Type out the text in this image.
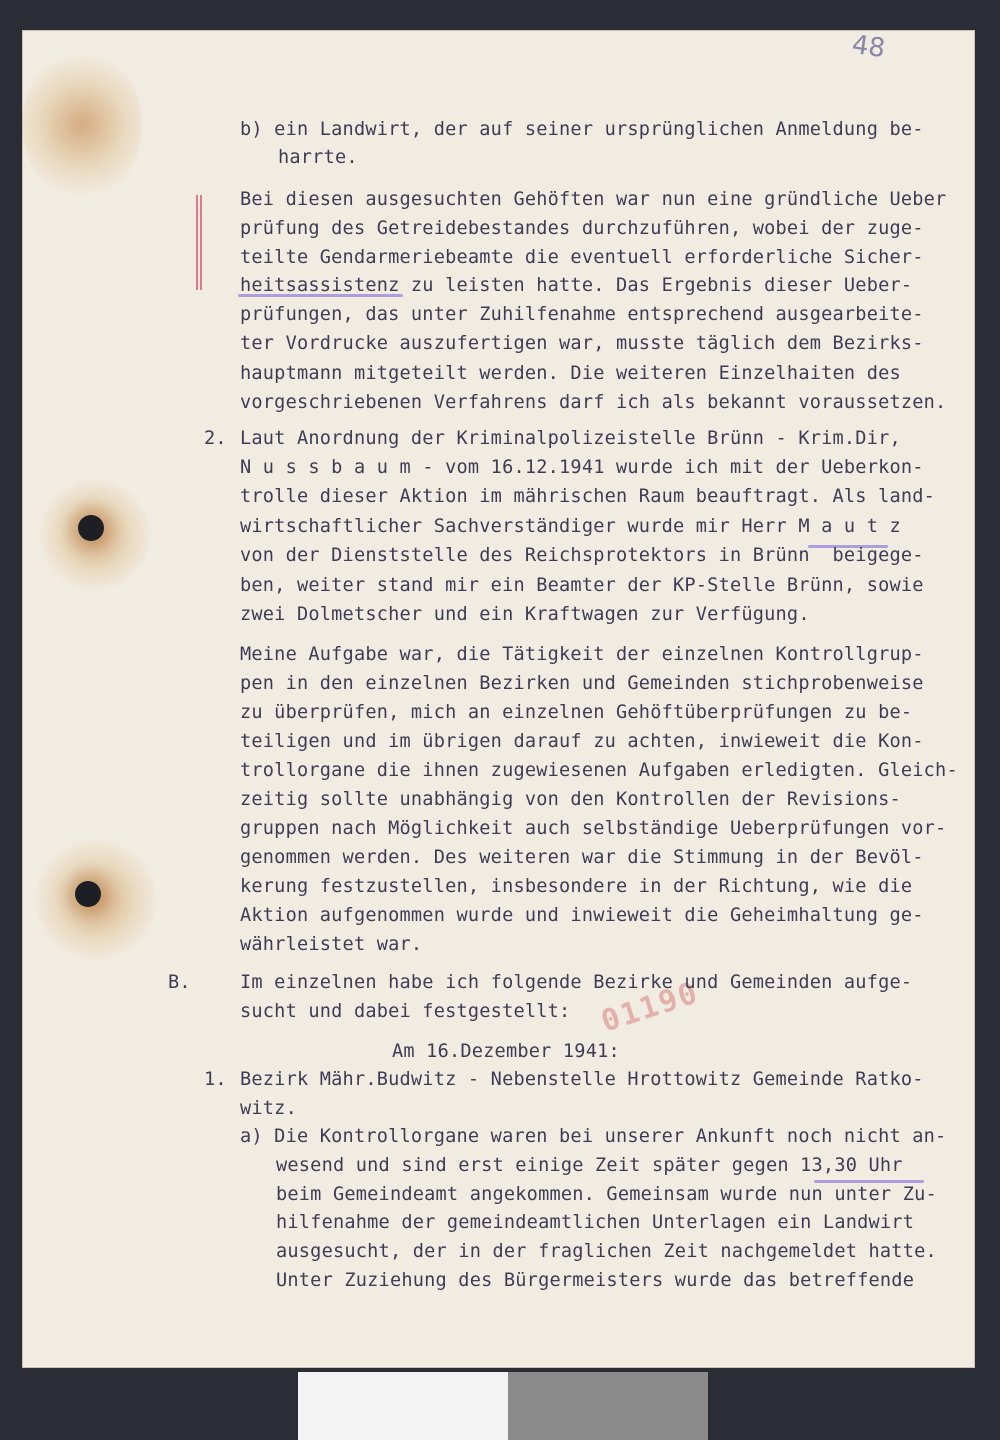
48
01190
b) ein Landwirt, der auf seiner ursprünglichen Anmeldung be-
harrte.
Bei diesen ausgesuchten Gehöften war nun eine gründliche Ueber
prüfung des Getreidebestandes durchzuführen, wobei der zuge-
teilte Gendarmeriebeamte die eventuell erforderliche Sicher-
heitsassistenz zu leisten hatte. Das Ergebnis dieser Ueber-
prüfungen, das unter Zuhilfenahme entsprechend ausgearbeite-
ter Vordrucke auszufertigen war, musste täglich dem Bezirks-
hauptmann mitgeteilt werden. Die weiteren Einzelhaiten des
vorgeschriebenen Verfahrens darf ich als bekannt voraussetzen.
2. Laut Anordnung der Kriminalpolizeistelle Brünn - Krim.Dir,
N u s s b a u m - vom 16.12.1941 wurde ich mit der Ueberkon-
trolle dieser Aktion im mährischen Raum beauftragt. Als land-
wirtschaftlicher Sachverständiger wurde mir Herr M a u t z
von der Dienststelle des Reichsprotektors in Brünn  beigege-
ben, weiter stand mir ein Beamter der KP-Stelle Brünn, sowie
zwei Dolmetscher und ein Kraftwagen zur Verfügung.
Meine Aufgabe war, die Tätigkeit der einzelnen Kontrollgrup-
pen in den einzelnen Bezirken und Gemeinden stichprobenweise
zu überprüfen, mich an einzelnen Gehöftüberprüfungen zu be-
teiligen und im übrigen darauf zu achten, inwieweit die Kon-
trollorgane die ihnen zugewiesenen Aufgaben erledigten. Gleich-
zeitig sollte unabhängig von den Kontrollen der Revisions-
gruppen nach Möglichkeit auch selbständige Ueberprüfungen vor-
genommen werden. Des weiteren war die Stimmung in der Bevöl-
kerung festzustellen, insbesondere in der Richtung, wie die
Aktion aufgenommen wurde und inwieweit die Geheimhaltung ge-
währleistet war.
B.	Im einzelnen habe ich folgende Bezirke und Gemeinden aufge-
sucht und dabei festgestellt:
Am 16.Dezember 1941:
1. Bezirk Mähr.Budwitz - Nebenstelle Hrottowitz Gemeinde Ratko-
witz.
a) Die Kontrollorgane waren bei unserer Ankunft noch nicht an-
wesend und sind erst einige Zeit später gegen 13,30 Uhr
beim Gemeindeamt angekommen. Gemeinsam wurde nun unter Zu-
hilfenahme der gemeindeamtlichen Unterlagen ein Landwirt
ausgesucht, der in der fraglichen Zeit nachgemeldet hatte.
Unter Zuziehung des Bürgermeisters wurde das betreffende
